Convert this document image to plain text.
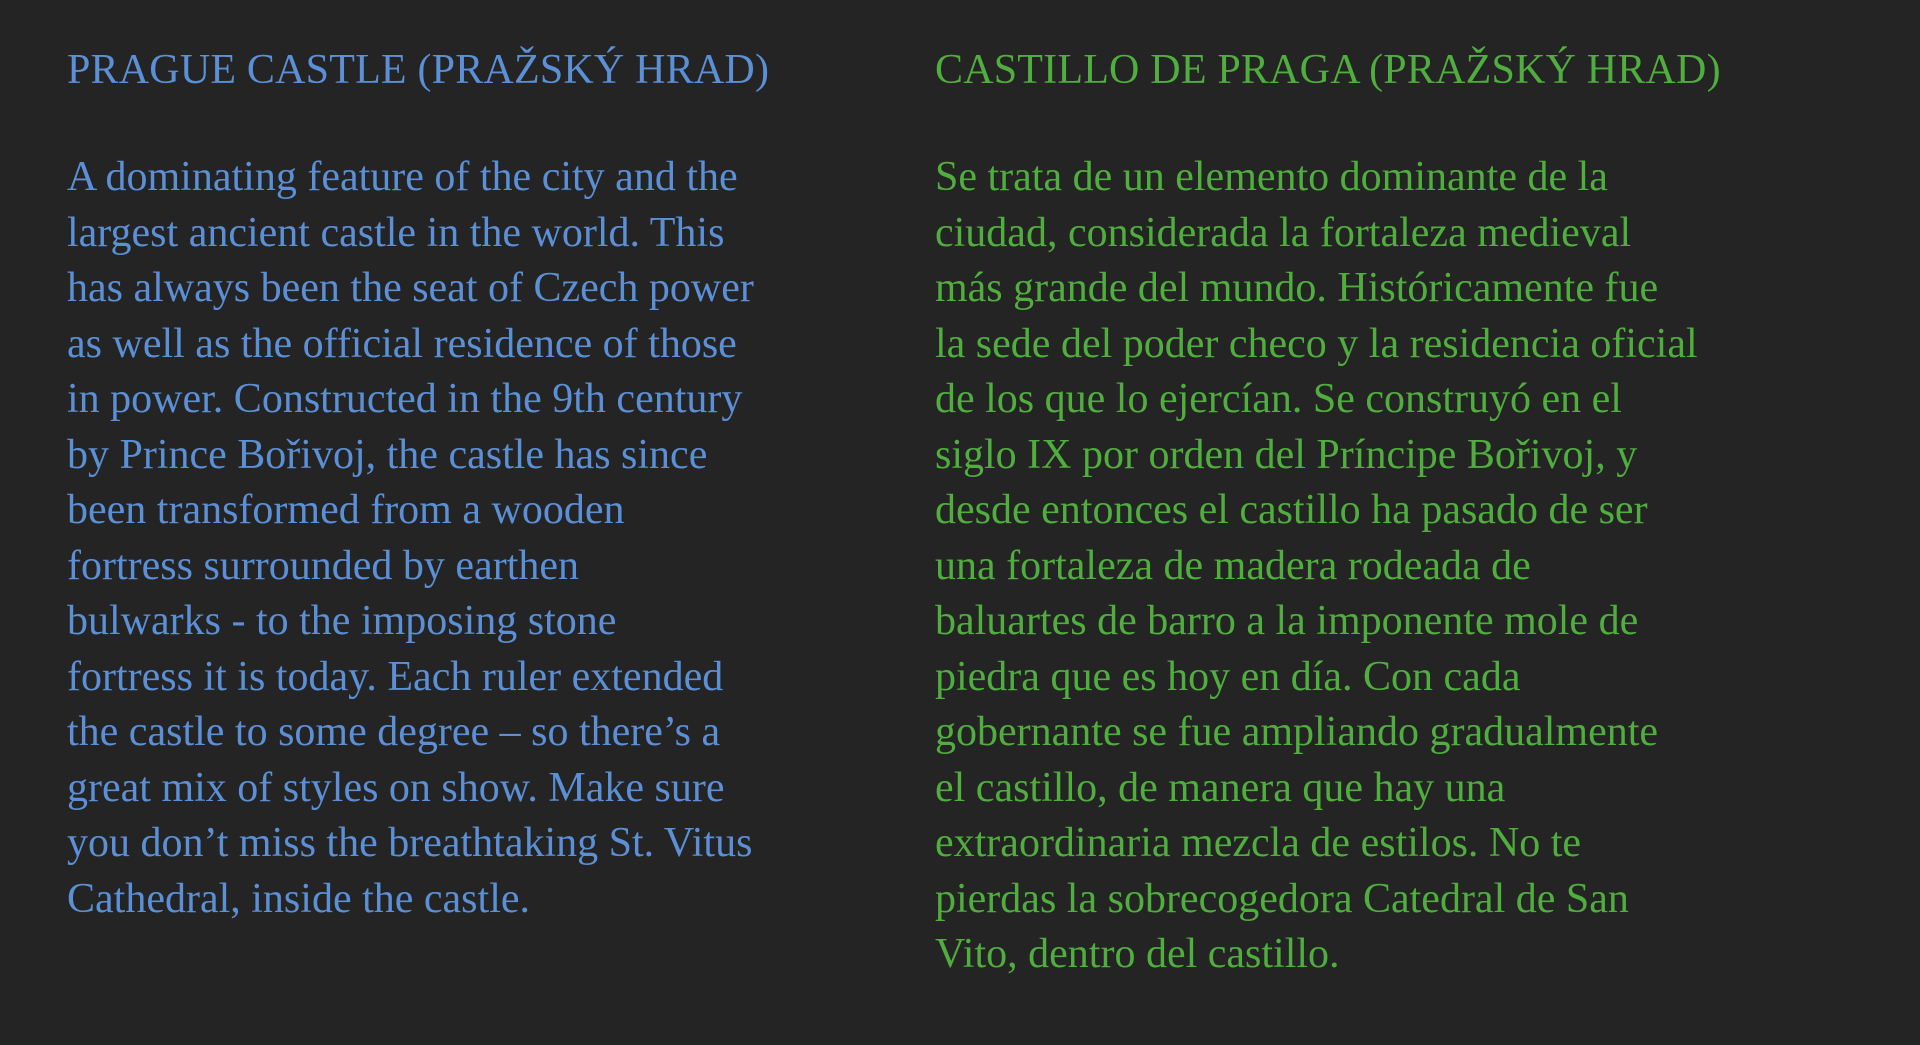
PRAGUE CASTLE (PRAŽSKÝ HRAD)
A dominating feature of the city and the
largest ancient castle in the world. This
has always been the seat of Czech power
as well as the official residence of those
in power. Constructed in the 9th century
by Prince Bořivoj, the castle has since
been transformed from a wooden
fortress surrounded by earthen
bulwarks - to the imposing stone
fortress it is today. Each ruler extended
the castle to some degree – so there’s a
great mix of styles on show. Make sure
you don’t miss the breathtaking St. Vitus
Cathedral, inside the castle.
CASTILLO DE PRAGA (PRAŽSKÝ HRAD)
Se trata de un elemento dominante de la
ciudad, considerada la fortaleza medieval
más grande del mundo. Históricamente fue
la sede del poder checo y la residencia oficial
de los que lo ejercían. Se construyó en el
siglo IX por orden del Príncipe Bořivoj, y
desde entonces el castillo ha pasado de ser
una fortaleza de madera rodeada de
baluartes de barro a la imponente mole de
piedra que es hoy en día. Con cada
gobernante se fue ampliando gradualmente
el castillo, de manera que hay una
extraordinaria mezcla de estilos. No te
pierdas la sobrecogedora Catedral de San
Vito, dentro del castillo.
